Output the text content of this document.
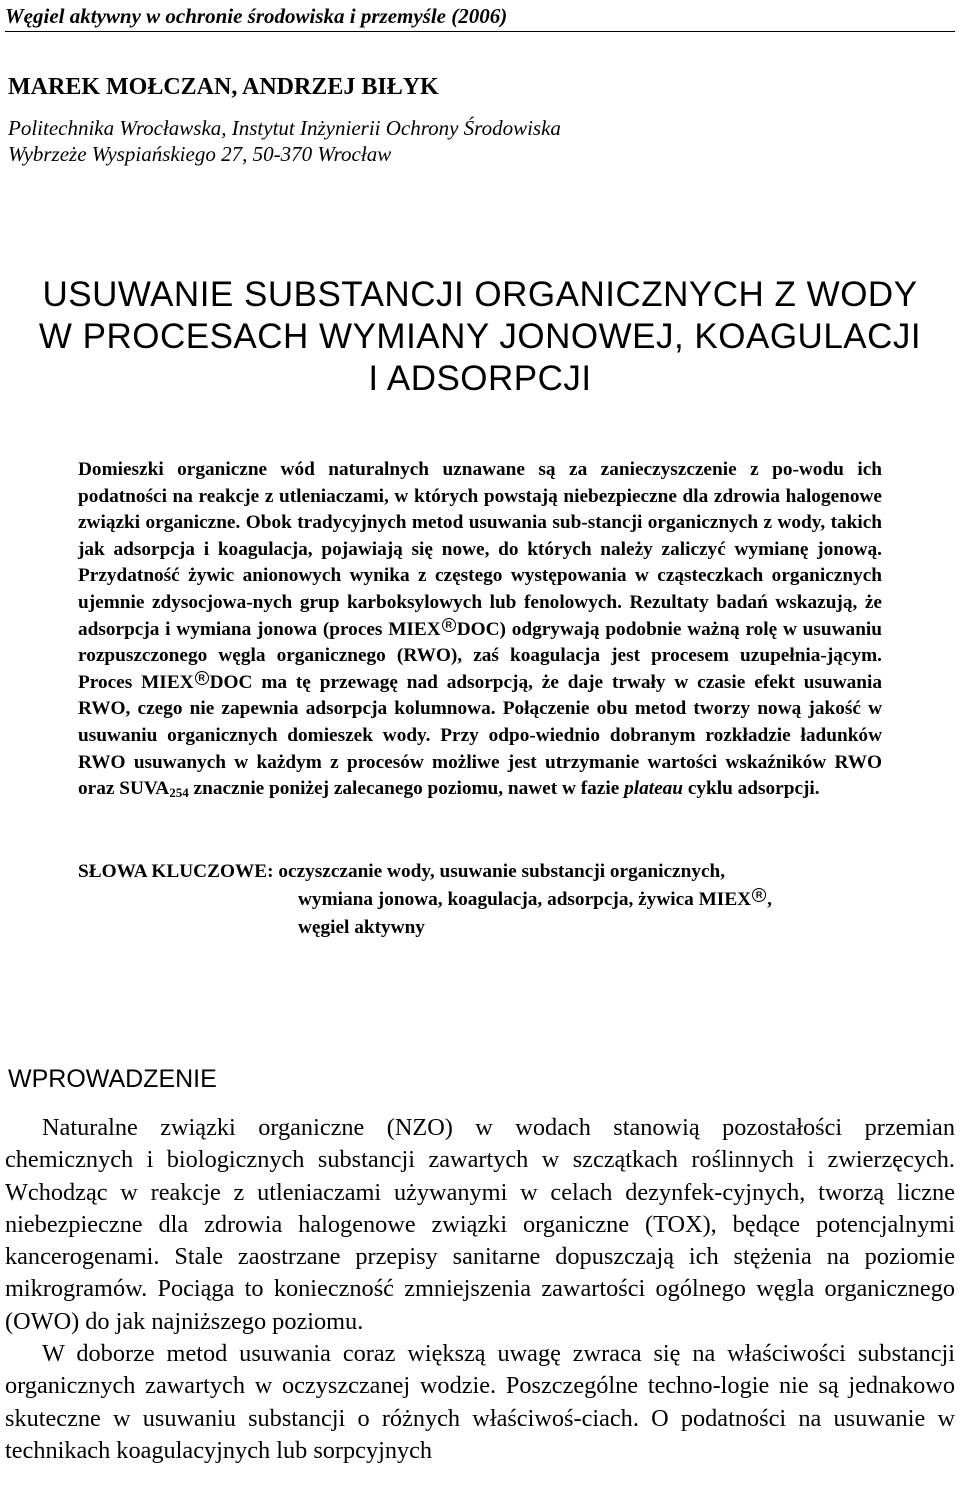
Węgiel aktywny w ochronie środowiska i przemyśle (2006)
MAREK MOŁCZAN, ANDRZEJ BIŁYK
Politechnika Wrocławska, Instytut Inżynierii Ochrony Środowiska
Wybrzeże Wyspiańskiego 27, 50-370 Wrocław
USUWANIE SUBSTANCJI ORGANICZNYCH Z WODY
W PROCESACH WYMIANY JONOWEJ, KOAGULACJI
I ADSORPCJI
Domieszki organiczne wód naturalnych uznawane są za zanieczyszczenie z po-wodu ich podatności na reakcje z utleniaczami, w których powstają niebezpieczne dla zdrowia halogenowe związki organiczne. Obok tradycyjnych metod usuwania sub-stancji organicznych z wody, takich jak adsorpcja i koagulacja, pojawiają się nowe, do których należy zaliczyć wymianę jonową. Przydatność żywic anionowych wynika z częstego występowania w cząsteczkach organicznych ujemnie zdysocjowa-nych grup karboksylowych lub fenolowych. Rezultaty badań wskazują, że adsorpcja i wymiana jonowa (proces MIEX R DOC) odgrywają podobnie ważną rolę w usuwaniu rozpuszczonego węgla organicznego (RWO), zaś koagulacja jest procesem uzupełnia-jącym. Proces MIEX R DOC ma tę przewagę nad adsorpcją, że daje trwały w czasie efekt usuwania RWO, czego nie zapewnia adsorpcja kolumnowa. Połączenie obu metod tworzy nową jakość w usuwaniu organicznych domieszek wody. Przy odpo-wiednio dobranym rozkładzie ładunków RWO usuwanych w każdym z procesów możliwe jest utrzymanie wartości wskaźników RWO oraz $SUVA_{254}$ znacznie poniżej zalecanego poziomu, nawet w fazie plateau cyklu adsorpcji.
SŁOWA KLUCZOWE: oczyszczanie wody, usuwanie substancji organicznych,
wymiana jonowa, koagulacja, adsorpcja, żywica MIEX R ,
węgiel aktywny
WPROWADZENIE

Naturalne związki organiczne (NZO) w wodach stanowią pozostałości przemian chemicznych i biologicznych substancji zawartych w szczątkach roślinnych i zwierzęcych. Wchodząc w reakcje z utleniaczami używanymi w celach dezynfek-cyjnych, tworzą liczne niebezpieczne dla zdrowia halogenowe związki organiczne (TOX), będące potencjalnymi kancerogenami. Stale zaostrzane przepisy sanitarne dopuszczają ich stężenia na poziomie mikrogramów. Pociąga to konieczność zmniejszenia zawartości ogólnego węgla organicznego (OWO) do jak najniższego poziomu.

W doborze metod usuwania coraz większą uwagę zwraca się na właściwości substancji organicznych zawartych w oczyszczanej wodzie. Poszczególne techno-logie nie są jednakowo skuteczne w usuwaniu substancji o różnych właściwoś-ciach. O podatności na usuwanie w technikach koagulacyjnych lub sorpcyjnych
